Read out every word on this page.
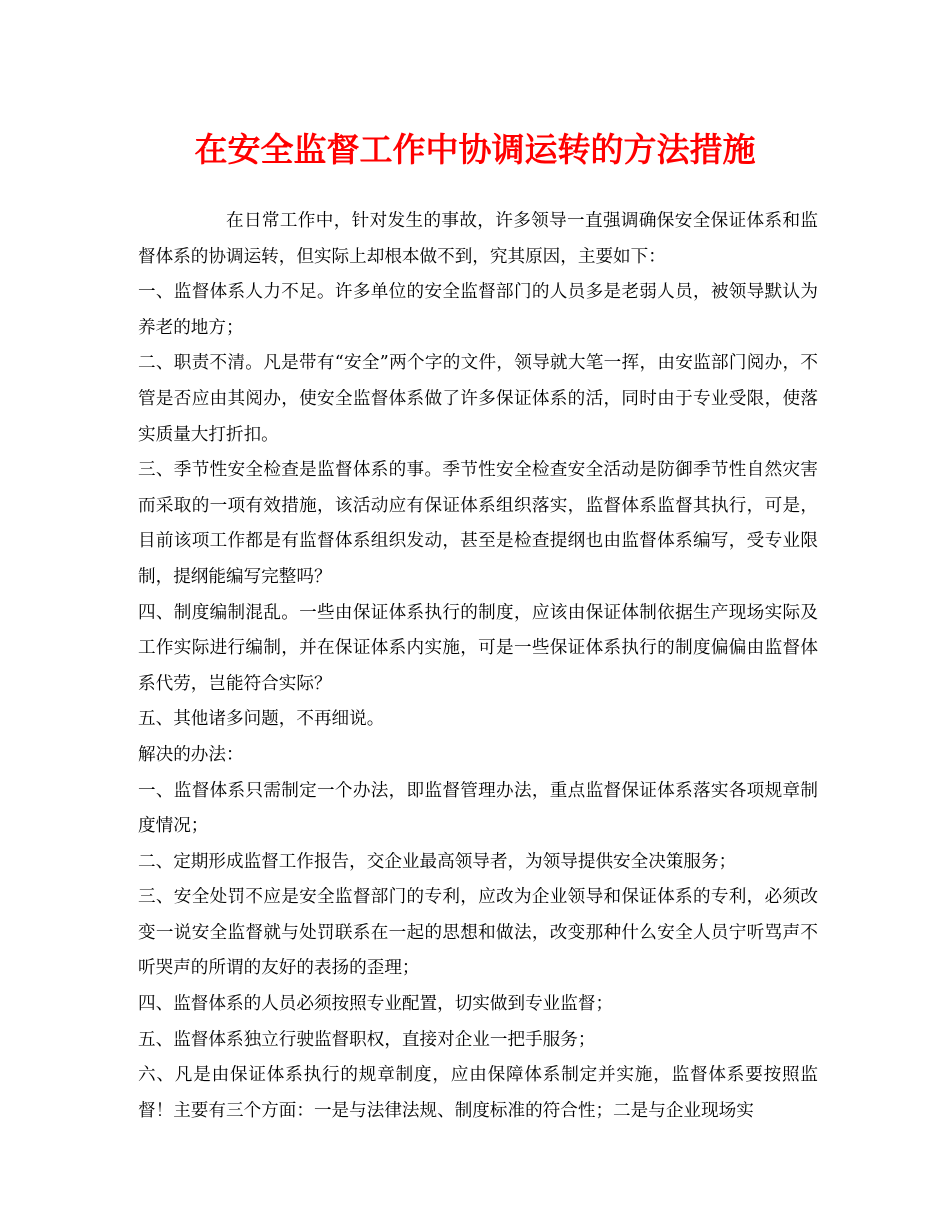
在安全监督工作中协调运转的方法措施

在日常工作中，针对发生的事故，许多领导一直强调确保安全保证体系和监督体系的协调运转，但实际上却根本做不到，究其原因，主要如下：

一、监督体系人力不足。许多单位的安全监督部门的人员多是老弱人员，被领导默认为养老的地方；

二、职责不清。凡是带有“安全”两个字的文件，领导就大笔一挥，由安监部门阅办，不管是否应由其阅办，使安全监督体系做了许多保证体系的活，同时由于专业受限，使落实质量大打折扣。

三、季节性安全检查是监督体系的事。季节性安全检查安全活动是防御季节性自然灾害而采取的一项有效措施，该活动应有保证体系组织落实，监督体系监督其执行，可是，目前该项工作都是有监督体系组织发动，甚至是检查提纲也由监督体系编写，受专业限制，提纲能编写完整吗？

四、制度编制混乱。一些由保证体系执行的制度，应该由保证体制依据生产现场实际及工作实际进行编制，并在保证体系内实施，可是一些保证体系执行的制度偏偏由监督体系代劳，岂能符合实际？

五、其他诸多问题，不再细说。

解决的办法：

一、监督体系只需制定一个办法，即监督管理办法，重点监督保证体系落实各项规章制度情况；

二、定期形成监督工作报告，交企业最高领导者，为领导提供安全决策服务；

三、安全处罚不应是安全监督部门的专利，应改为企业领导和保证体系的专利，必须改变一说安全监督就与处罚联系在一起的思想和做法，改变那种什么安全人员宁听骂声不听哭声的所谓的友好的表扬的歪理；

四、监督体系的人员必须按照专业配置，切实做到专业监督；

五、监督体系独立行驶监督职权，直接对企业一把手服务；

六、凡是由保证体系执行的规章制度，应由保障体系制定并实施，监督体系要按照监督！主要有三个方面：一是与法律法规、制度标准的符合性；二是与企业现场实
